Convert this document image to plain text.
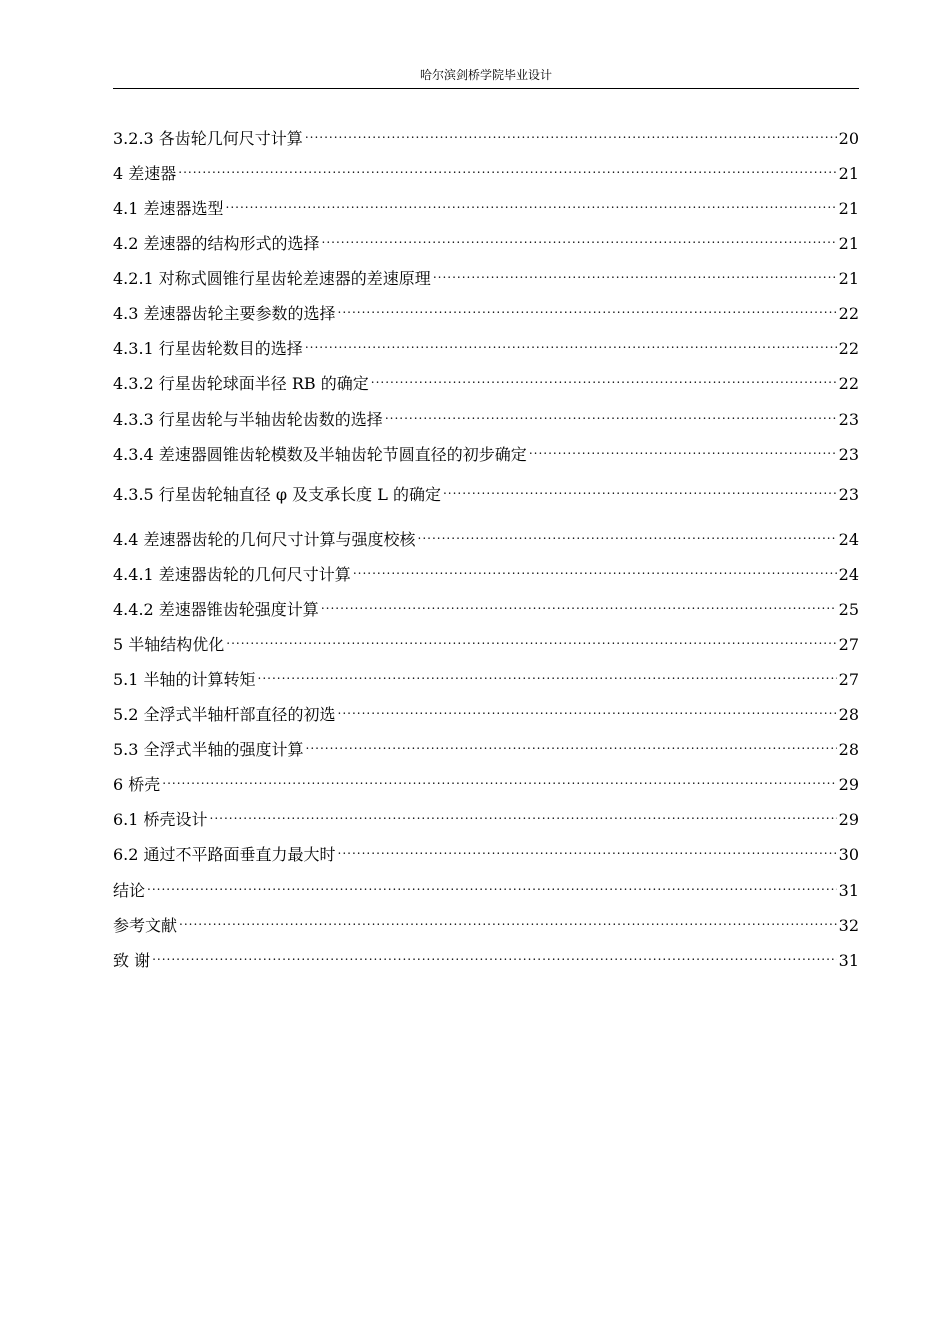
哈尔滨剑桥学院毕业设计
3.2.3 各齿轮几何尺寸计算 .....	20
4 差速器 .....	21
4.1 差速器选型 .....	21
4.2 差速器的结构形式的选择 .....	21
4.2.1 对称式圆锥行星齿轮差速器的差速原理 .....	21
4.3 差速器齿轮主要参数的选择 .....	22
4.3.1 行星齿轮数目的选择 .....	22
4.3.2 行星齿轮球面半径 RB 的确定 .....	22
4.3.3 行星齿轮与半轴齿轮齿数的选择 .....	23
4.3.4 差速器圆锥齿轮模数及半轴齿轮节圆直径的初步确定 .....	23
4.3.5 行星齿轮轴直径 φ 及支承长度 L 的确定 .....	23
4.4 差速器齿轮的几何尺寸计算与强度校核 .....	24
4.4.1 差速器齿轮的几何尺寸计算 .....	24
4.4.2 差速器锥齿轮强度计算 .....	25
5 半轴结构优化 .....	27
5.1 半轴的计算转矩 .....	27
5.2 全浮式半轴杆部直径的初选 .....	28
5.3 全浮式半轴的强度计算 .....	28
6 桥壳 .....	29
6.1 桥壳设计 .....	29
6.2 通过不平路面垂直力最大时 .....	30
结论 .....	31
参考文献 .....	32
致 谢 .....	31
